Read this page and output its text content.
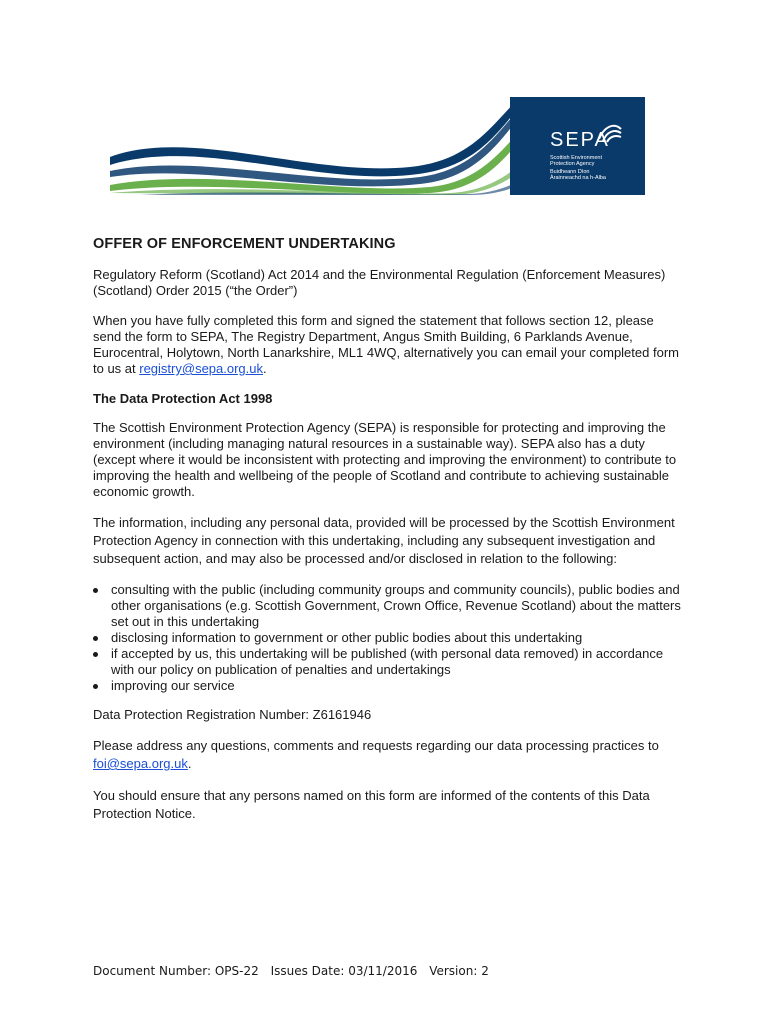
SEPA
Scottish Environment
Protection Agency
Buidheann Dìon
Àrainneachd na h-Alba
OFFER OF ENFORCEMENT UNDERTAKING

Regulatory Reform (Scotland) Act 2014 and the Environmental Regulation (Enforcement Measures) (Scotland) Order 2015 (“the Order”)

When you have fully completed this form and signed the statement that follows section 12, please send the form to SEPA, The Registry Department, Angus Smith Building, 6 Parklands Avenue, Eurocentral, Holytown, North Lanarkshire, ML1 4WQ, alternatively you can email your completed form to us at registry@sepa.org.uk.

The Data Protection Act 1998

The Scottish Environment Protection Agency (SEPA) is responsible for protecting and improving the environment (including managing natural resources in a sustainable way). SEPA also has a duty (except where it would be inconsistent with protecting and improving the environment) to contribute to improving the health and wellbeing of the people of Scotland and contribute to achieving sustainable economic growth.

The information, including any personal data, provided will be processed by the Scottish Environment Protection Agency in connection with this undertaking, including any subsequent investigation and subsequent action, and may also be processed and/or disclosed in relation to the following:

consulting with the public (including community groups and community councils), public bodies and other organisations (e.g. Scottish Government, Crown Office, Revenue Scotland) about the matters set out in this undertaking
disclosing information to government or other public bodies about this undertaking
if accepted by us, this undertaking will be published (with personal data removed) in accordance with our policy on publication of penalties and undertakings
improving our service

Data Protection Registration Number: Z6161946

Please address any questions, comments and requests regarding our data processing practices to foi@sepa.org.uk.

You should ensure that any persons named on this form are informed of the contents of this Data Protection Notice.

Document Number: OPS-22 Issues Date: 03/11/2016 Version: 2
